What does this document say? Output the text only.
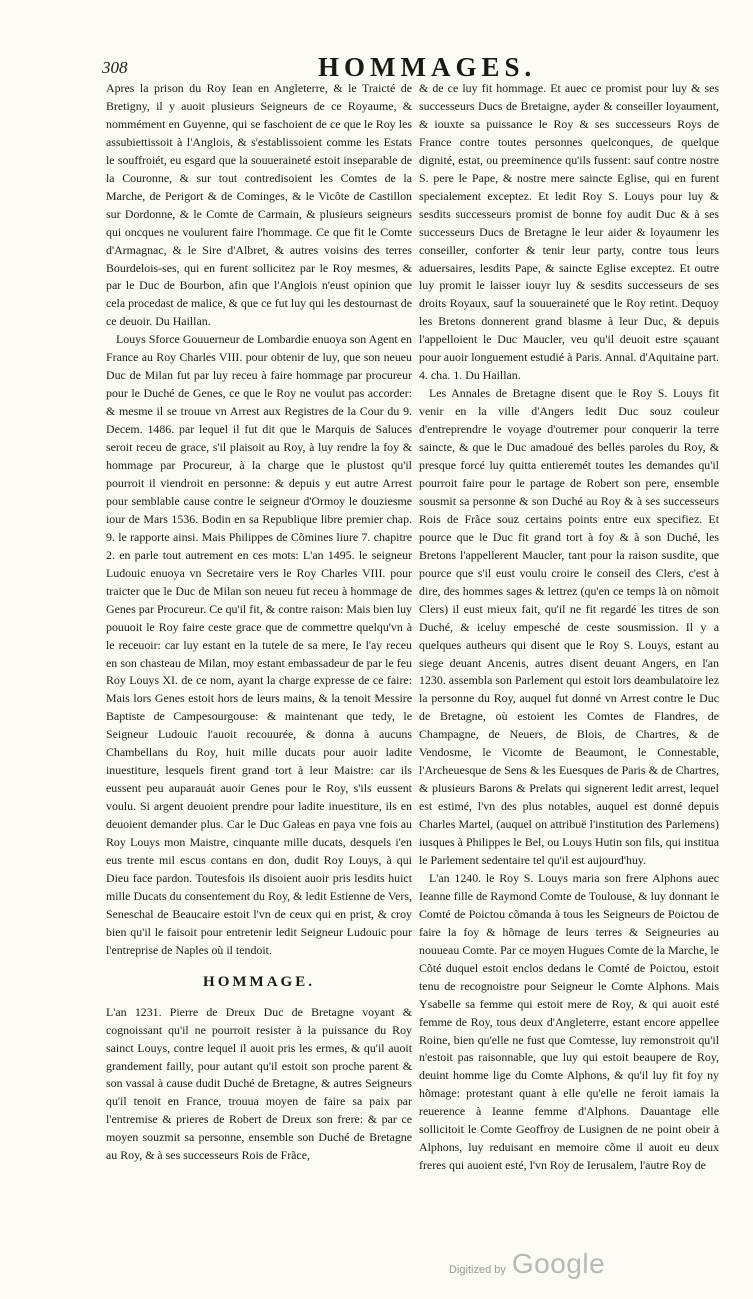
308	HOMMAGES.

Apres la prison du Roy Iean en Angleterre, & le Traicté de Bretigny, il y auoit plusieurs Seigneurs de ce Royaume, & nommément en Guyenne, qui se faschoient de ce que le Roy les assubiettissoit à l'Anglois, & s'establissoient comme les Estats le souffroiét, eu esgard que la souueraineté estoit inseparable de la Couronne, & sur tout contredisoient les Comtes de la Marche, de Perigort & de Cominges, & le Vicôte de Castillon sur Dordonne, & le Comte de Carmain, & plusieurs seigneurs qui oncques ne voulurent faire l'hommage. Ce que fit le Comte d'Armagnac, & le Sire d'Albret, & autres voisins des terres Bourdelois-ses, qui en furent sollicitez par le Roy mesmes, & par le Duc de Bourbon, afin que l'Anglois n'eust opinion que cela procedast de malice, & que ce fut luy qui les destournast de ce deuoir. Du Haillan.

Louys Sforce Gouuerneur de Lombardie enuoya son Agent en France au Roy Charles VIII. pour obtenir de luy, que son neueu Duc de Milan fut par luy receu à faire hommage par procureur pour le Duché de Genes, ce que le Roy ne voulut pas accorder: & mesme il se trouue vn Arrest aux Registres de la Cour du 9. Decem. 1486. par lequel il fut dit que le Marquis de Saluces seroit receu de grace, s'il plaisoit au Roy, à luy rendre la foy & hommage par Procureur, à la charge que le plustost qu'il pourroit il viendroit en personne: & depuis y eut autre Arrest pour semblable cause contre le seigneur d'Ormoy le douziesme iour de Mars 1536. Bodin en sa Republique libre premier chap. 9. le rapporte ainsi. Mais Philippes de Cõmines liure 7. chapitre 2. en parle tout autrement en ces mots: L'an 1495. le seigneur Ludouic enuoya vn Secretaire vers le Roy Charles VIII. pour traicter que le Duc de Milan son neueu fut receu à hommage de Genes par Procureur. Ce qu'il fit, & contre raison: Mais bien luy pouuoit le Roy faire ceste grace que de commettre quelqu'vn à le receuoir: car luy estant en la tutele de sa mere, Ie l'ay receu en son chasteau de Milan, moy estant embassadeur de par le feu Roy Louys XI. de ce nom, ayant la charge expresse de ce faire: Mais lors Genes estoit hors de leurs mains, & la tenoit Messire Baptiste de Campesourgouse: & maintenant que tedy, le Seigneur Ludouic l'auoit recouurée, & donna à aucuns Chambellans du Roy, huit mille ducats pour auoir ladite inuestiture, lesquels firent grand tort à leur Maistre: car ils eussent peu auparauát auoir Genes pour le Roy, s'ils eussent voulu. Si argent deuoient prendre pour ladite inuestiture, ils en deuoient demander plus. Car le Duc Galeas en paya vne fois au Roy Louys mon Maistre, cinquante mille ducats, desquels i'en eus trente mil escus contans en don, dudit Roy Louys, à qui Dieu face pardon. Toutesfois ils disoient auoir pris lesdits huict mille Ducats du consentement du Roy, & ledit Estienne de Vers, Seneschal de Beaucaire estoit l'vn de ceux qui en prist, & croy bien qu'il le faisoit pour entretenir ledit Seigneur Ludouic pour l'entreprise de Naples où il tendoit.

HOMMAGE.

L'an 1231. Pierre de Dreux Duc de Bretagne voyant & cognoissant qu'il ne pourroit resister à la puissance du Roy sainct Louys, contre lequel il auoit pris les ermes, & qu'il auoit grandement failly, pour autant qu'il estoit son proche parent & son vassal à cause dudit Duché de Bretagne, & autres Seigneurs qu'il tenoit en France, trouua moyen de faire sa paix par l'entremise & prieres de Robert de Dreux son frere: & par ce moyen souzmit sa personne, ensemble son Duché de Bretagne au Roy, & à ses successeurs Rois de Frãce,

& de ce luy fit hommage. Et auec ce promist pour luy & ses successeurs Ducs de Bretaigne, ayder & conseiller loyaument, & iouxte sa puissance le Roy & ses successeurs Roys de France contre toutes personnes quelconques, de quelque dignité, estat, ou preeminence qu'ils fussent: sauf contre nostre S. pere le Pape, & nostre mere saincte Eglise, qui en furent specialement exceptez. Et ledit Roy S. Louys pour luy & sesdits successeurs promist de bonne foy audit Duc & à ses successeurs Ducs de Bretagne le leur aider & loyaumenr les conseiller, conforter & tenir leur party, contre tous leurs aduersaires, lesdits Pape, & saincte Eglise exceptez. Et outre luy promit le laisser iouyr luy & sesdits successeurs de ses droits Royaux, sauf la souueraineté que le Roy retint. Dequoy les Bretons donnerent grand blasme à leur Duc, & depuis l'appelloient le Duc Maucler, veu qu'il deuoit estre sçauant pour auoir longuement estudié à Paris. Annal. d'Aquitaine part. 4. cha. 1. Du Haillan.

Les Annales de Bretagne disent que le Roy S. Louys fit venir en la ville d'Angers ledit Duc souz couleur d'entreprendre le voyage d'outremer pour conquerir la terre saincte, & que le Duc amadoué des belles paroles du Roy, & presque forcé luy quitta entieremét toutes les demandes qu'il pourroit faire pour le partage de Robert son pere, ensemble sousmit sa personne & son Duché au Roy & à ses successeurs Rois de Frãce souz certains points entre eux specifiez. Et pource que le Duc fit grand tort à foy & à son Duché, les Bretons l'appellerent Maucler, tant pour la raison susdite, que pource que s'il eust voulu croire le conseil des Clers, c'est à dire, des hommes sages & lettrez (qu'en ce temps là on nõmoit Clers) il eust mieux fait, qu'il ne fit regardé les titres de son Duché, & iceluy empesché de ceste sousmission. Il y a quelques autheurs qui disent que le Roy S. Louys, estant au siege deuant Ancenis, autres disent deuant Angers, en l'an 1230. assembla son Parlement qui estoit lors deambulatoire lez la personne du Roy, auquel fut donné vn Arrest contre le Duc de Bretagne, où estoient les Comtes de Flandres, de Champagne, de Neuers, de Blois, de Chartres, & de Vendosme, le Vicomte de Beaumont, le Connestable, l'Archeuesque de Sens & les Euesques de Paris & de Chartres, & plusieurs Barons & Prelats qui signerent ledit arrest, lequel est estimé, l'vn des plus notables, auquel est donné depuis Charles Martel, (auquel on attribuë l'institution des Parlemens) iusques à Philippes le Bel, ou Louys Hutin son fils, qui institua le Parlement sedentaire tel qu'il est aujourd'huy.

L'an 1240. le Roy S. Louys maria son frere Alphons auec Ieanne fille de Raymond Comte de Toulouse, & luy donnant le Comté de Poictou cõmanda à tous les Seigneurs de Poictou de faire la foy & hõmage de leurs terres & Seigneuries au nouueau Comte. Par ce moyen Hugues Comte de la Marche, le Cõté duquel estoit enclos dedans le Comté de Poictou, estoit tenu de recognoistre pour Seigneur le Comte Alphons. Mais Ysabelle sa femme qui estoit mere de Roy, & qui auoit esté femme de Roy, tous deux d'Angleterre, estant encore appellee Roine, bien qu'elle ne fust que Comtesse, luy remonstroit qu'il n'estoit pas raisonnable, que luy qui estoit beaupere de Roy, deuint homme lige du Comte Alphons, & qu'il luy fit foy ny hõmage: protestant quant à elle qu'elle ne feroit iamais la reuerence à Ieanne femme d'Alphons. Dauantage elle sollicitoit le Comte Geoffroy de Lusignen de ne point obeir à Alphons, luy reduisant en memoire cõme il auoit eu deux freres qui auoient esté, l'vn Roy de Ierusalem, l'autre Roy de

Digitized by Google
